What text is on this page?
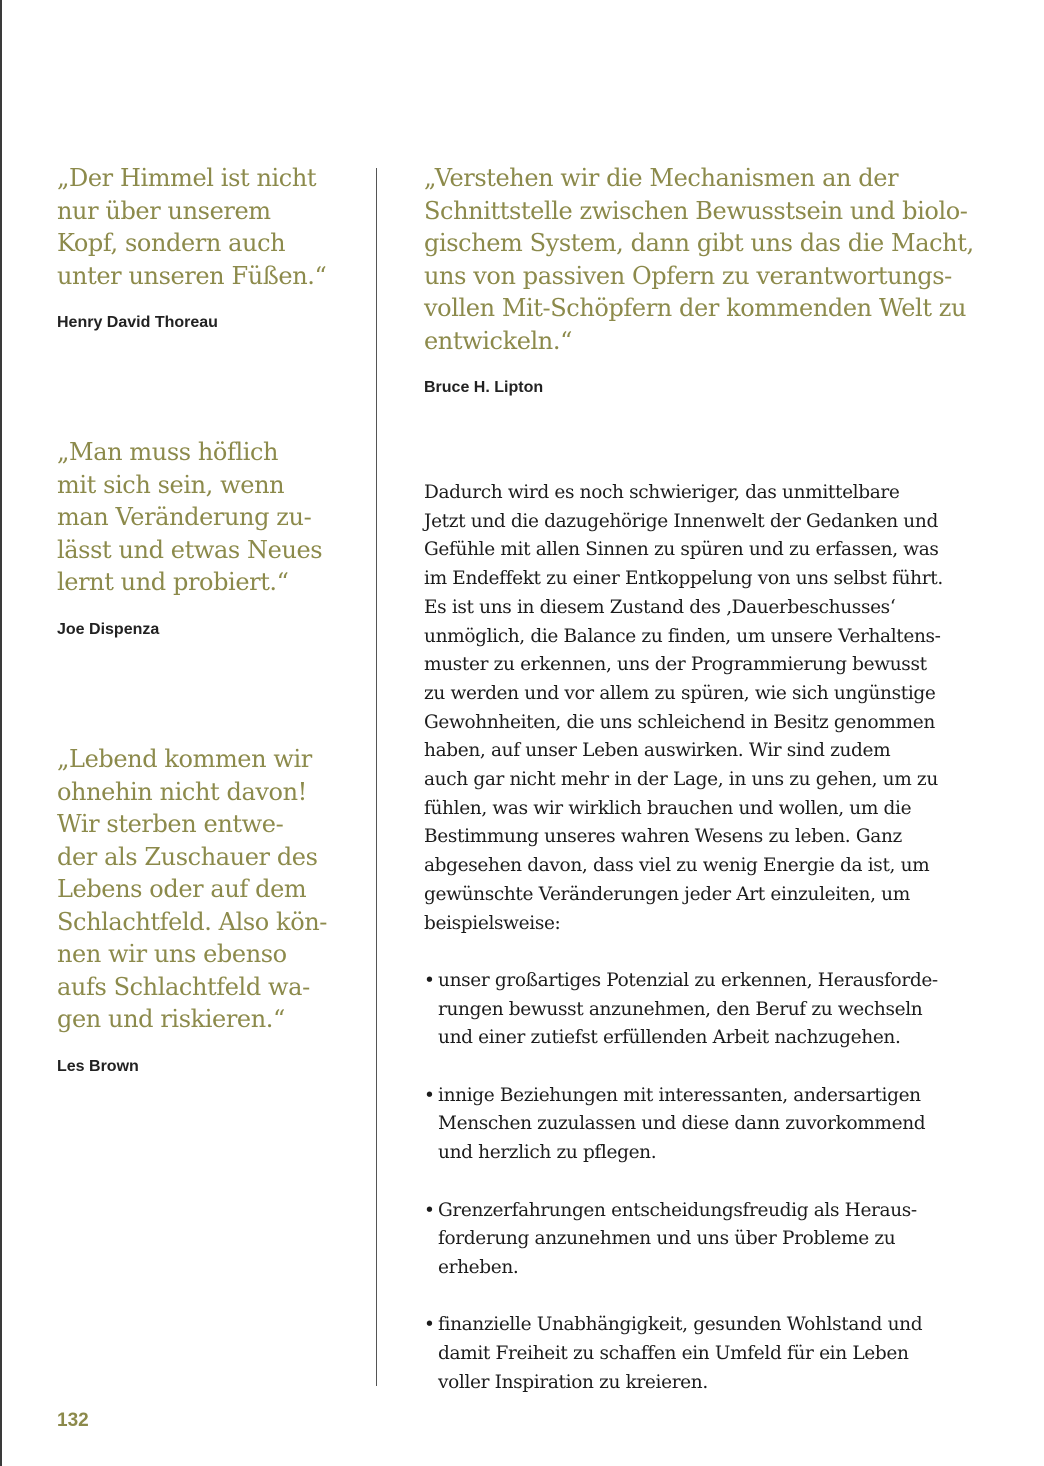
„Der Himmel ist nicht
nur über unserem
Kopf, sondern auch
unter unseren Füßen.“

Henry David Thoreau

„Man muss höflich
mit sich sein, wenn
man Veränderung zu-
lässt und etwas Neues
lernt und probiert.“

Joe Dispenza

„Lebend kommen wir
ohnehin nicht davon!
Wir sterben entwe-
der als Zuschauer des
Lebens oder auf dem
Schlachtfeld. Also kön-
nen wir uns ebenso
aufs Schlachtfeld wa-
gen und riskieren.“

Les Brown

„Verstehen wir die Mechanismen an der
Schnittstelle zwischen Bewusstsein und biolo-
gischem System, dann gibt uns das die Macht,
uns von passiven Opfern zu verantwortungs-
vollen Mit-Schöpfern der kommenden Welt zu
entwickeln.“

Bruce H. Lipton

Dadurch wird es noch schwieriger, das unmittelbare
Jetzt und die dazugehörige Innenwelt der Gedanken und
Gefühle mit allen Sinnen zu spüren und zu erfassen, was
im Endeffekt zu einer Entkoppelung von uns selbst führt.
Es ist uns in diesem Zustand des ‚Dauerbeschusses‘
unmöglich, die Balance zu finden, um unsere Verhaltens-
muster zu erkennen, uns der Programmierung bewusst
zu werden und vor allem zu spüren, wie sich ungünstige
Gewohnheiten, die uns schleichend in Besitz genommen
haben, auf unser Leben auswirken. Wir sind zudem
auch gar nicht mehr in der Lage, in uns zu gehen, um zu
fühlen, was wir wirklich brauchen und wollen, um die
Bestimmung unseres wahren Wesens zu leben. Ganz
abgesehen davon, dass viel zu wenig Energie da ist, um
gewünschte Veränderungen jeder Art einzuleiten, um
beispielsweise:
• unser großartiges Potenzial zu erkennen, Herausforde-
rungen bewusst anzunehmen, den Beruf zu wechseln
und einer zutiefst erfüllenden Arbeit nachzugehen.
• innige Beziehungen mit interessanten, andersartigen
Menschen zuzulassen und diese dann zuvorkommend
und herzlich zu pflegen.
• Grenzerfahrungen entscheidungsfreudig als Heraus-
forderung anzunehmen und uns über Probleme zu
erheben.
• finanzielle Unabhängigkeit, gesunden Wohlstand und
damit Freiheit zu schaffen ein Umfeld für ein Leben
voller Inspiration zu kreieren.
132
